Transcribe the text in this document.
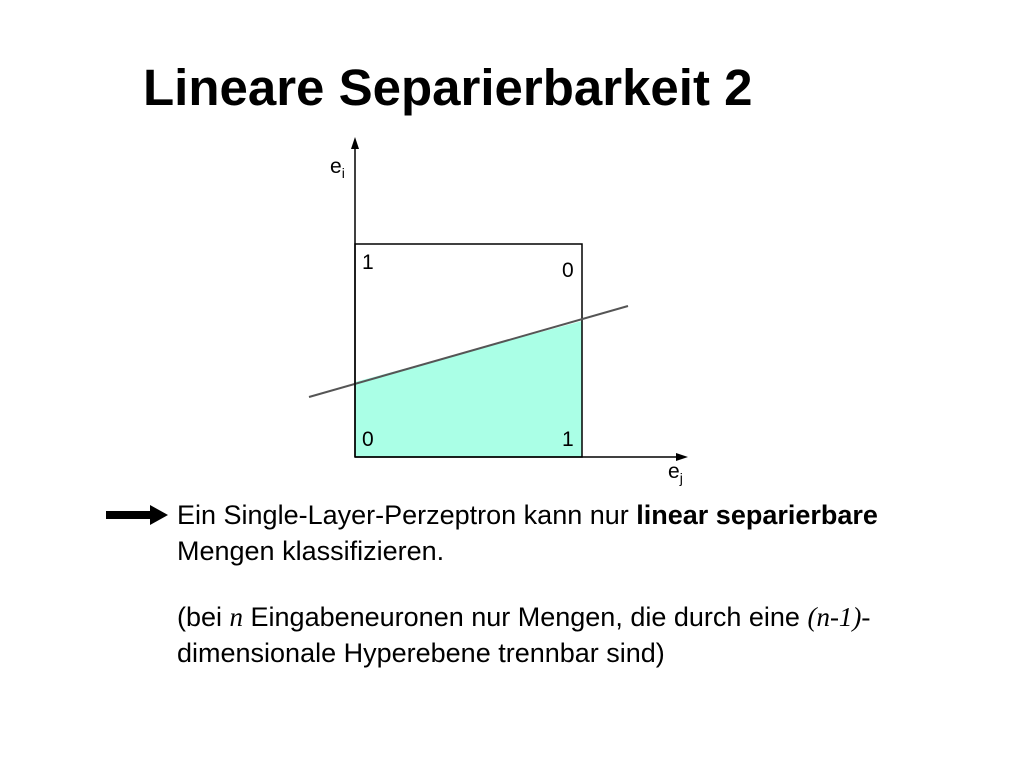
Lineare Separierbarkeit 2
$e_i$
$e_j$
1	0
0	1
Ein Single-Layer-Perzeptron kann nur linear separierbare Mengen klassifizieren.
(bei n Eingabeneuronen nur Mengen, die durch eine (n-1)-dimensionale Hyperebene trennbar sind)
